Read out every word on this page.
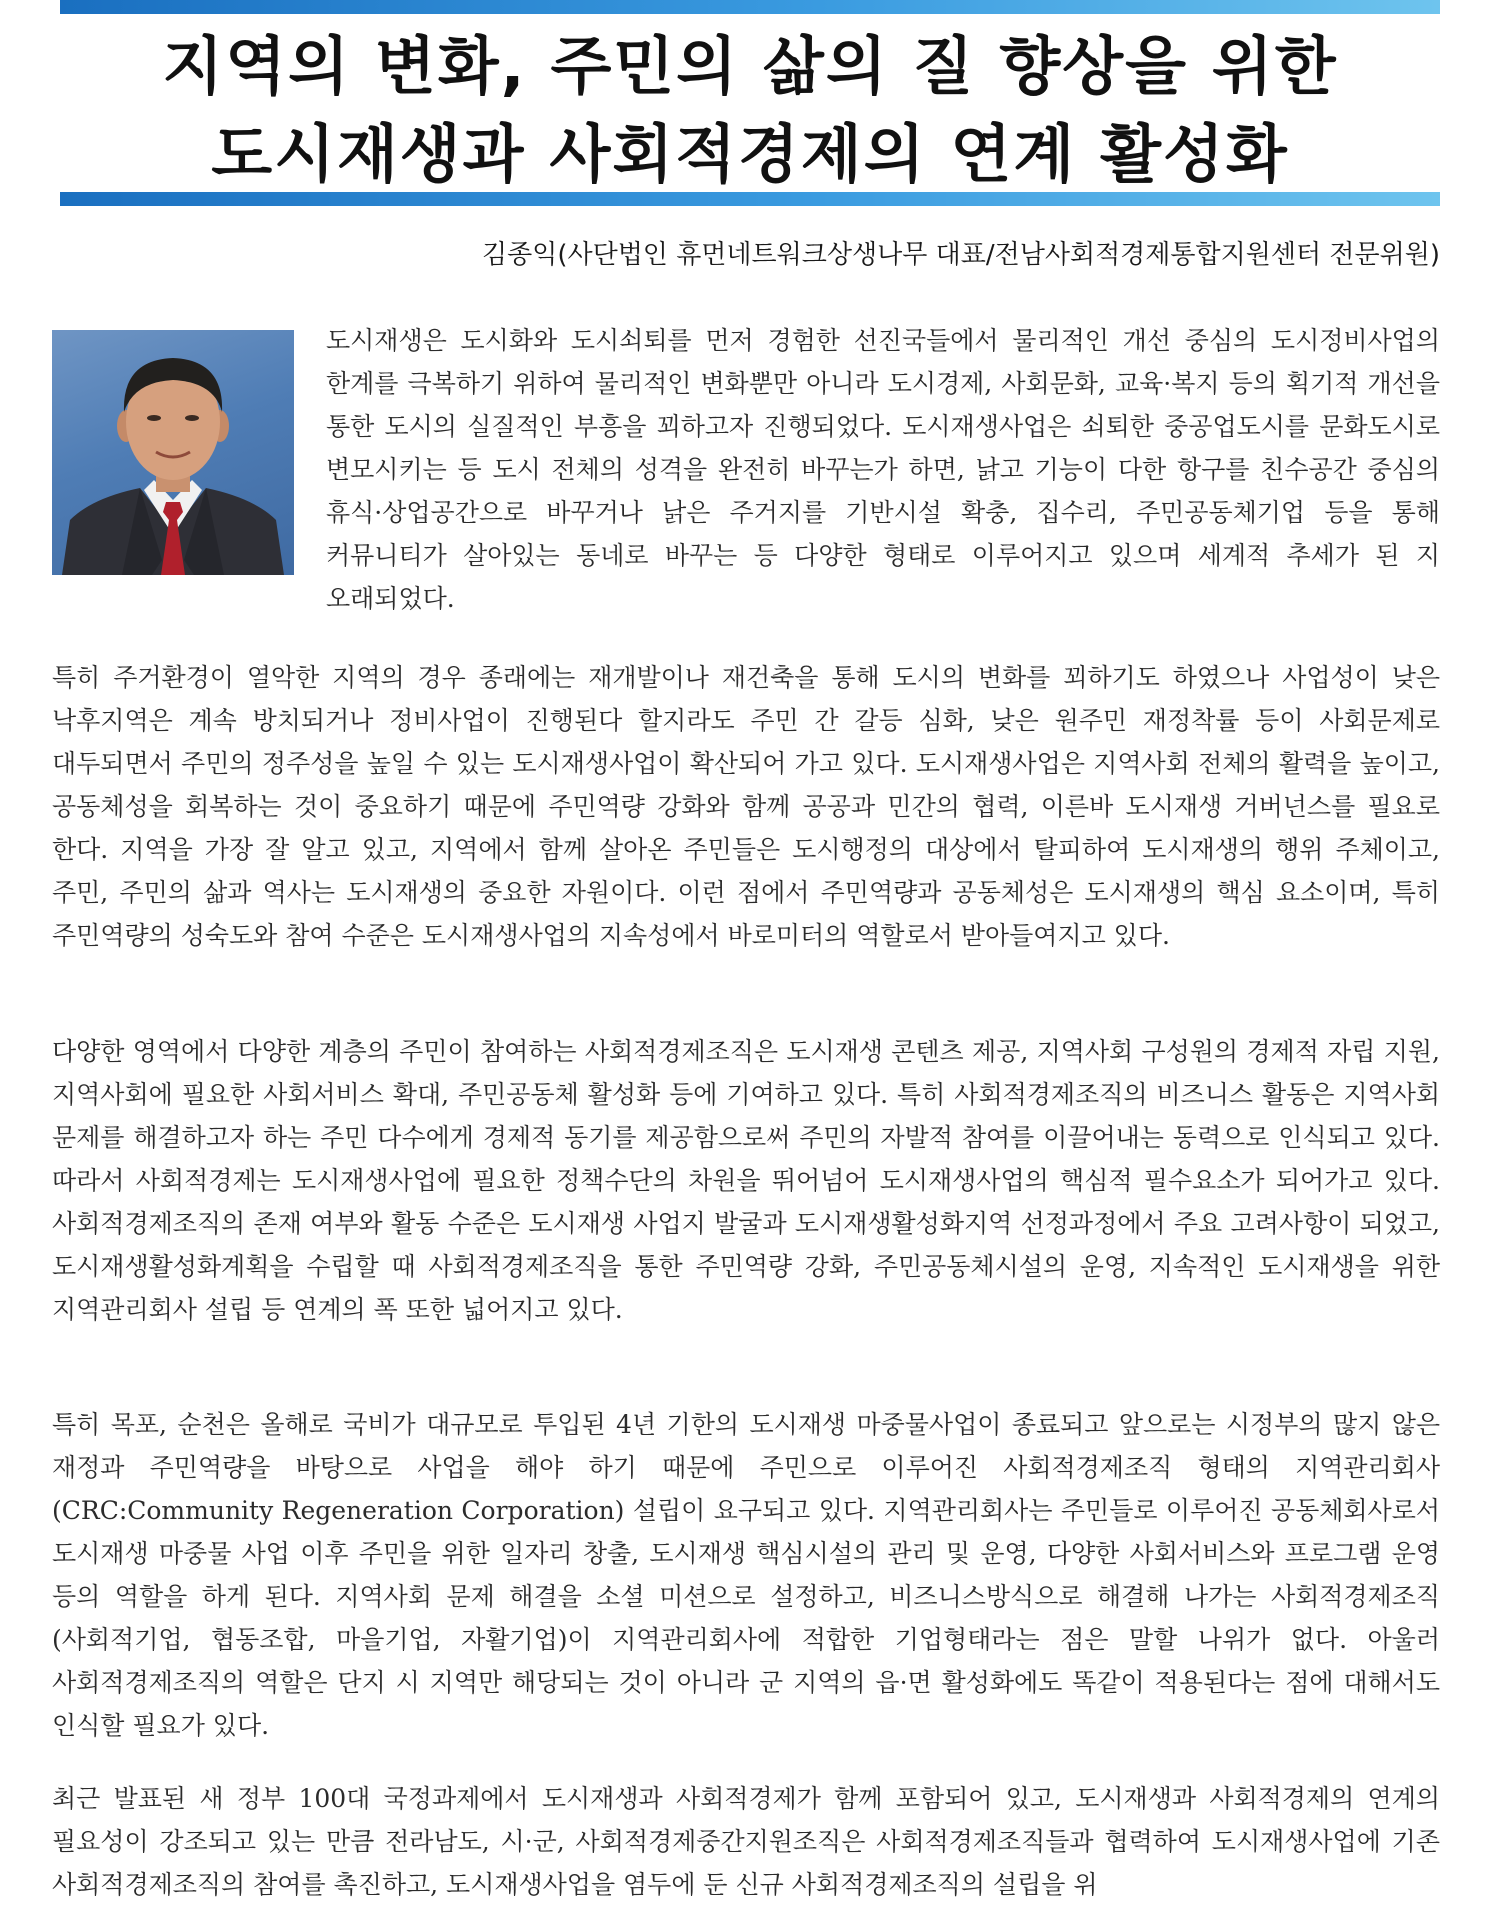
지역의 변화, 주민의 삶의 질 향상을 위한
도시재생과 사회적경제의 연계 활성화
김종익(사단법인 휴먼네트워크상생나무 대표/전남사회적경제통합지원센터 전문위원)

도시재생은 도시화와 도시쇠퇴를 먼저 경험한 선진국들에서 물리적인 개선 중심의 도시정비사업의 한계를 극복하기 위하여 물리적인 변화뿐만 아니라 도시경제, 사회문화, 교육·복지 등의 획기적 개선을 통한 도시의 실질적인 부흥을 꾀하고자 진행되었다. 도시재생사업은 쇠퇴한 중공업도시를 문화도시로 변모시키는 등 도시 전체의 성격을 완전히 바꾸는가 하면, 낡고 기능이 다한 항구를 친수공간 중심의 휴식·상업공간으로 바꾸거나 낡은 주거지를 기반시설 확충, 집수리, 주민공동체기업 등을 통해 커뮤니티가 살아있는 동네로 바꾸는 등 다양한 형태로 이루어지고 있으며 세계적 추세가 된 지 오래되었다.

특히 주거환경이 열악한 지역의 경우 종래에는 재개발이나 재건축을 통해 도시의 변화를 꾀하기도 하였으나 사업성이 낮은 낙후지역은 계속 방치되거나 정비사업이 진행된다 할지라도 주민 간 갈등 심화, 낮은 원주민 재정착률 등이 사회문제로 대두되면서 주민의 정주성을 높일 수 있는 도시재생사업이 확산되어 가고 있다. 도시재생사업은 지역사회 전체의 활력을 높이고, 공동체성을 회복하는 것이 중요하기 때문에 주민역량 강화와 함께 공공과 민간의 협력, 이른바 도시재생 거버넌스를 필요로 한다. 지역을 가장 잘 알고 있고, 지역에서 함께 살아온 주민들은 도시행정의 대상에서 탈피하여 도시재생의 행위 주체이고, 주민, 주민의 삶과 역사는 도시재생의 중요한 자원이다. 이런 점에서 주민역량과 공동체성은 도시재생의 핵심 요소이며, 특히 주민역량의 성숙도와 참여 수준은 도시재생사업의 지속성에서 바로미터의 역할로서 받아들여지고 있다.

다양한 영역에서 다양한 계층의 주민이 참여하는 사회적경제조직은 도시재생 콘텐츠 제공, 지역사회 구성원의 경제적 자립 지원, 지역사회에 필요한 사회서비스 확대, 주민공동체 활성화 등에 기여하고 있다. 특히 사회적경제조직의 비즈니스 활동은 지역사회 문제를 해결하고자 하는 주민 다수에게 경제적 동기를 제공함으로써 주민의 자발적 참여를 이끌어내는 동력으로 인식되고 있다. 따라서 사회적경제는 도시재생사업에 필요한 정책수단의 차원을 뛰어넘어 도시재생사업의 핵심적 필수요소가 되어가고 있다. 사회적경제조직의 존재 여부와 활동 수준은 도시재생 사업지 발굴과 도시재생활성화지역 선정과정에서 주요 고려사항이 되었고, 도시재생활성화계획을 수립할 때 사회적경제조직을 통한 주민역량 강화, 주민공동체시설의 운영, 지속적인 도시재생을 위한 지역관리회사 설립 등 연계의 폭 또한 넓어지고 있다.

특히 목포, 순천은 올해로 국비가 대규모로 투입된 4년 기한의 도시재생 마중물사업이 종료되고 앞으로는 시정부의 많지 않은 재정과 주민역량을 바탕으로 사업을 해야 하기 때문에 주민으로 이루어진 사회적경제조직 형태의 지역관리회사(CRC:Community Regeneration Corporation) 설립이 요구되고 있다. 지역관리회사는 주민들로 이루어진 공동체회사로서 도시재생 마중물 사업 이후 주민을 위한 일자리 창출, 도시재생 핵심시설의 관리 및 운영, 다양한 사회서비스와 프로그램 운영 등의 역할을 하게 된다. 지역사회 문제 해결을 소셜 미션으로 설정하고, 비즈니스방식으로 해결해 나가는 사회적경제조직(사회적기업, 협동조합, 마을기업, 자활기업)이 지역관리회사에 적합한 기업형태라는 점은 말할 나위가 없다. 아울러 사회적경제조직의 역할은 단지 시 지역만 해당되는 것이 아니라 군 지역의 읍·면 활성화에도 똑같이 적용된다는 점에 대해서도 인식할 필요가 있다.

최근 발표된 새 정부 100대 국정과제에서 도시재생과 사회적경제가 함께 포함되어 있고, 도시재생과 사회적경제의 연계의 필요성이 강조되고 있는 만큼 전라남도, 시·군, 사회적경제중간지원조직은 사회적경제조직들과 협력하여 도시재생사업에 기존 사회적경제조직의 참여를 촉진하고, 도시재생사업을 염두에 둔 신규 사회적경제조직의 설립을 위
